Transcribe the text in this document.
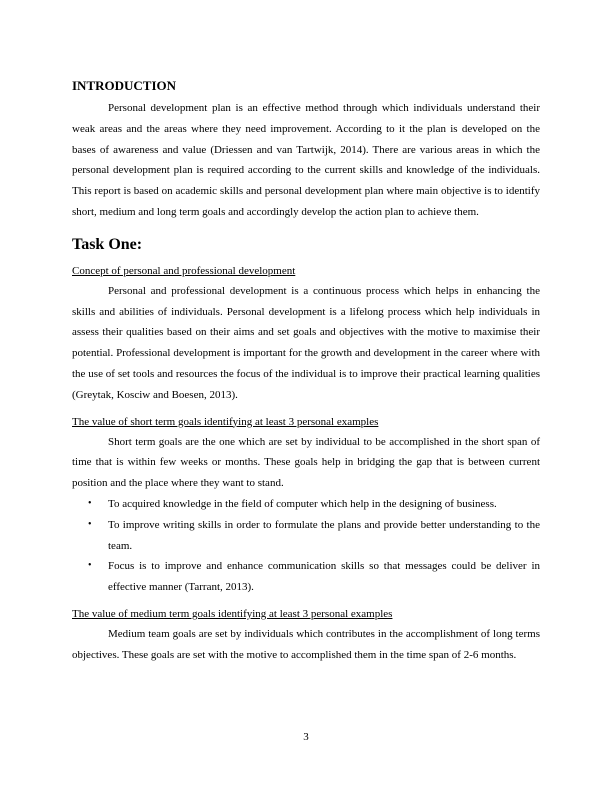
INTRODUCTION

Personal development plan is an effective method through which individuals understand their weak areas and the areas where they need improvement. According to it the plan is developed on the bases of awareness and value (Driessen and van Tartwijk, 2014). There are various areas in which the personal development plan is required according to the current skills and knowledge of the individuals. This report is based on academic skills and personal development plan where main objective is to identify short, medium and long term goals and accordingly develop the action plan to achieve them.

Task One:
Concept of personal and professional development

Personal and professional development is a continuous process which helps in enhancing the skills and abilities of individuals. Personal development is a lifelong process which help individuals in assess their qualities based on their aims and set goals and objectives with the motive to maximise their potential. Professional development is important for the growth and development in the career where with the use of set tools and resources the focus of the individual is to improve their practical learning qualities (Greytak, Kosciw and Boesen, 2013).

The value of short term goals identifying at least 3 personal examples

Short term goals are the one which are set by individual to be accomplished in the short span of time that is within few weeks or months. These goals help in bridging the gap that is between current position and the place where they want to stand.

• To acquired knowledge in the field of computer which help in the designing of business.
• To improve writing skills in order to formulate the plans and provide better understanding to the team.
• Focus is to improve and enhance communication skills so that messages could be deliver in effective manner (Tarrant, 2013).
The value of medium term goals identifying at least 3 personal examples

Medium team goals are set by individuals which contributes in the accomplishment of long terms objectives. These goals are set with the motive to accomplished them in the time span of 2-6 months.

3
